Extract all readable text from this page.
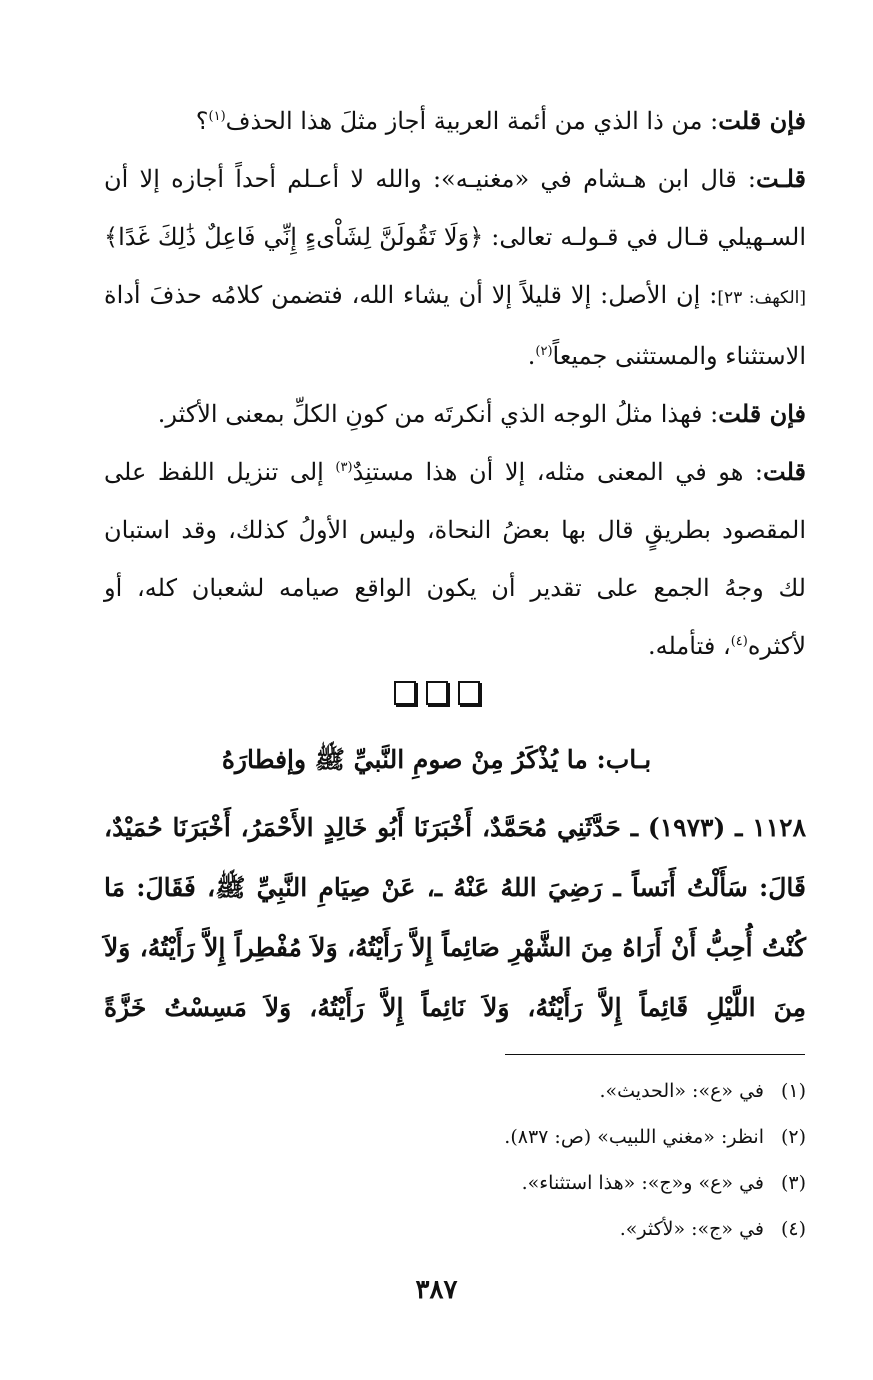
فإن قلت: من ذا الذي من أئمة العربية أجاز مثلَ هذا الحذف$^{(١)}$؟

قلـت: قال ابن هـشام في «مغنيـه»: والله لا أعـلم أحداً أجازه إلا أن السـهيلي قـال في قـولـه تعالى: ﴿وَلَا تَقُولَنَّ لِشَاْىءٍ إِنِّي فَاعِلٌ ذَٰلِكَ غَدًا﴾[الكهف: ٢٣]: إن الأصل: إلا قليلاً إلا أن يشاء الله، فتضمن كلامُه حذفَ أداة الاستثناء والمستثنى جميعاً$^{(٢)}$.

فإن قلت: فهذا مثلُ الوجه الذي أنكرتَه من كونِ الكلِّ بمعنى الأكثر.

قلت: هو في المعنى مثله، إلا أن هذا مستنِدٌ$^{(٣)}$ إلى تنزيل اللفظ على المقصود بطريقٍ قال بها بعضُ النحاة، وليس الأولُ كذلك، وقد استبان لك وجهُ الجمع على تقدير أن يكون الواقع صيامه لشعبان كله، أو لأكثره$^{(٤)}$، فتأمله.

بـاب: ما يُذْكَرُ مِنْ صومِ النَّبيِّ ﷺ وإفطارَهُ

١١٢٨ ـ (١٩٧٣) ـ حَدَّثَنِي مُحَمَّدٌ، أَخْبَرَنَا أَبُو خَالِدٍ الأَحْمَرُ، أَخْبَرَنَا حُمَيْدٌ، قَالَ: سَأَلْتُ أَنَساً ـ رَضِيَ اللهُ عَنْهُ ـ، عَنْ صِيَامِ النَّبِيِّ ﷺ، فَقَالَ: مَا كُنْتُ أُحِبُّ أَنْ أَرَاهُ مِنَ الشَّهْرِ صَائِماً إِلاَّ رَأَيْتُهُ، وَلاَ مُفْطِراً إِلاَّ رَأَيْتُهُ، وَلاَ مِنَ اللَّيْلِ قَائِماً إِلاَّ رَأَيْتُهُ، وَلاَ نَائِماً إِلاَّ رَأَيْتُهُ، وَلاَ مَسِسْتُ خَزَّةً

(١)في «ع»: «الحديث».
(٢)انظر: «مغني اللبيب» (ص: ٨٣٧).
(٣)في «ع» و«ج»: «هذا استثناء».
(٤)في «ج»: «لأكثر».
٣٨٧
